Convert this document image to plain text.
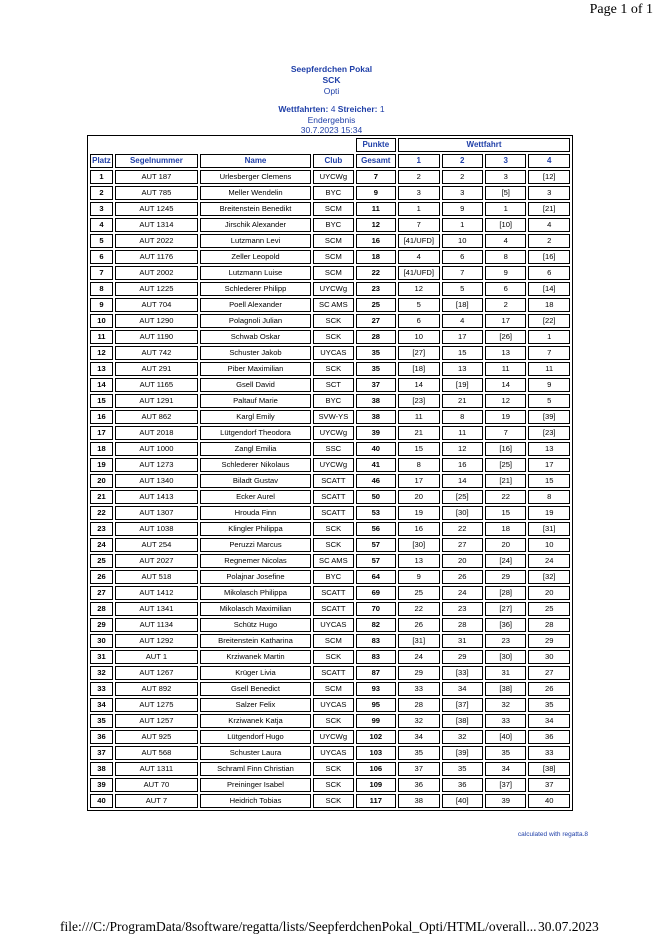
Page 1 of 1
Seepferdchen Pokal
SCK
Opti
Wettfahrten: 4 Streicher: 1
Endergebnis
30.7.2023 15:34
				Punkte	Wettfahrt			
Platz	Segelnummer	Name	Club	Gesamt	1	2	3	4
1	AUT 187	Urlesberger Clemens	UYCWg	7	2	2	3	[12]
2	AUT 785	Meller Wendelin	BYC	9	3	3	[5]	3
3	AUT 1245	Breitenstein Benedikt	SCM	11	1	9	1	[21]
4	AUT 1314	Jirschik Alexander	BYC	12	7	1	[10]	4
5	AUT 2022	Lutzmann Levi	SCM	16	[41/UFD]	10	4	2
6	AUT 1176	Zeller Leopold	SCM	18	4	6	8	[16]
7	AUT 2002	Lutzmann Luise	SCM	22	[41/UFD]	7	9	6
8	AUT 1225	Schlederer Philipp	UYCWg	23	12	5	6	[14]
9	AUT 704	Poell Alexander	SC AMS	25	5	[18]	2	18
10	AUT 1290	Polagnoli Julian	SCK	27	6	4	17	[22]
11	AUT 1190	Schwab Oskar	SCK	28	10	17	[26]	1
12	AUT 742	Schuster Jakob	UYCAS	35	[27]	15	13	7
13	AUT 291	Piber Maximilian	SCK	35	[18]	13	11	11
14	AUT 1165	Gsell David	SCT	37	14	[19]	14	9
15	AUT 1291	Paltauf Marie	BYC	38	[23]	21	12	5
16	AUT 862	Kargl Emily	SVW-YS	38	11	8	19	[39]
17	AUT 2018	Lütgendorf Theodora	UYCWg	39	21	11	7	[23]
18	AUT 1000	Zangl Emilia	SSC	40	15	12	[16]	13
19	AUT 1273	Schlederer Nikolaus	UYCWg	41	8	16	[25]	17
20	AUT 1340	Biladt Gustav	SCATT	46	17	14	[21]	15
21	AUT 1413	Ecker Aurel	SCATT	50	20	[25]	22	8
22	AUT 1307	Hrouda Finn	SCATT	53	19	[30]	15	19
23	AUT 1038	Klingler Philippa	SCK	56	16	22	18	[31]
24	AUT 254	Peruzzi Marcus	SCK	57	[30]	27	20	10
25	AUT 2027	Regnemer Nicolas	SC AMS	57	13	20	[24]	24
26	AUT 518	Polajnar Josefine	BYC	64	9	26	29	[32]
27	AUT 1412	Mikolasch Philippa	SCATT	69	25	24	[28]	20
28	AUT 1341	Mikolasch Maximilian	SCATT	70	22	23	[27]	25
29	AUT 1134	Schütz Hugo	UYCAS	82	26	28	[36]	28
30	AUT 1292	Breitenstein Katharina	SCM	83	[31]	31	23	29
31	AUT 1	Krziwanek Martin	SCK	83	24	29	[30]	30
32	AUT 1267	Krüger Livia	SCATT	87	29	[33]	31	27
33	AUT 892	Gsell Benedict	SCM	93	33	34	[38]	26
34	AUT 1275	Salzer Felix	UYCAS	95	28	[37]	32	35
35	AUT 1257	Krziwanek Katja	SCK	99	32	[38]	33	34
36	AUT 925	Lütgendorf Hugo	UYCWg	102	34	32	[40]	36
37	AUT 568	Schuster Laura	UYCAS	103	35	[39]	35	33
38	AUT 1311	Schraml Finn Christian	SCK	106	37	35	34	[38]
39	AUT 70	Preininger Isabel	SCK	109	36	36	[37]	37
40	AUT 7	Heidrich Tobias	SCK	117	38	[40]	39	40
calculated with regatta.8
file:///C:/ProgramData/8software/regatta/lists/SeepferdchenPokal_Opti/HTML/overall... 30.07.2023
